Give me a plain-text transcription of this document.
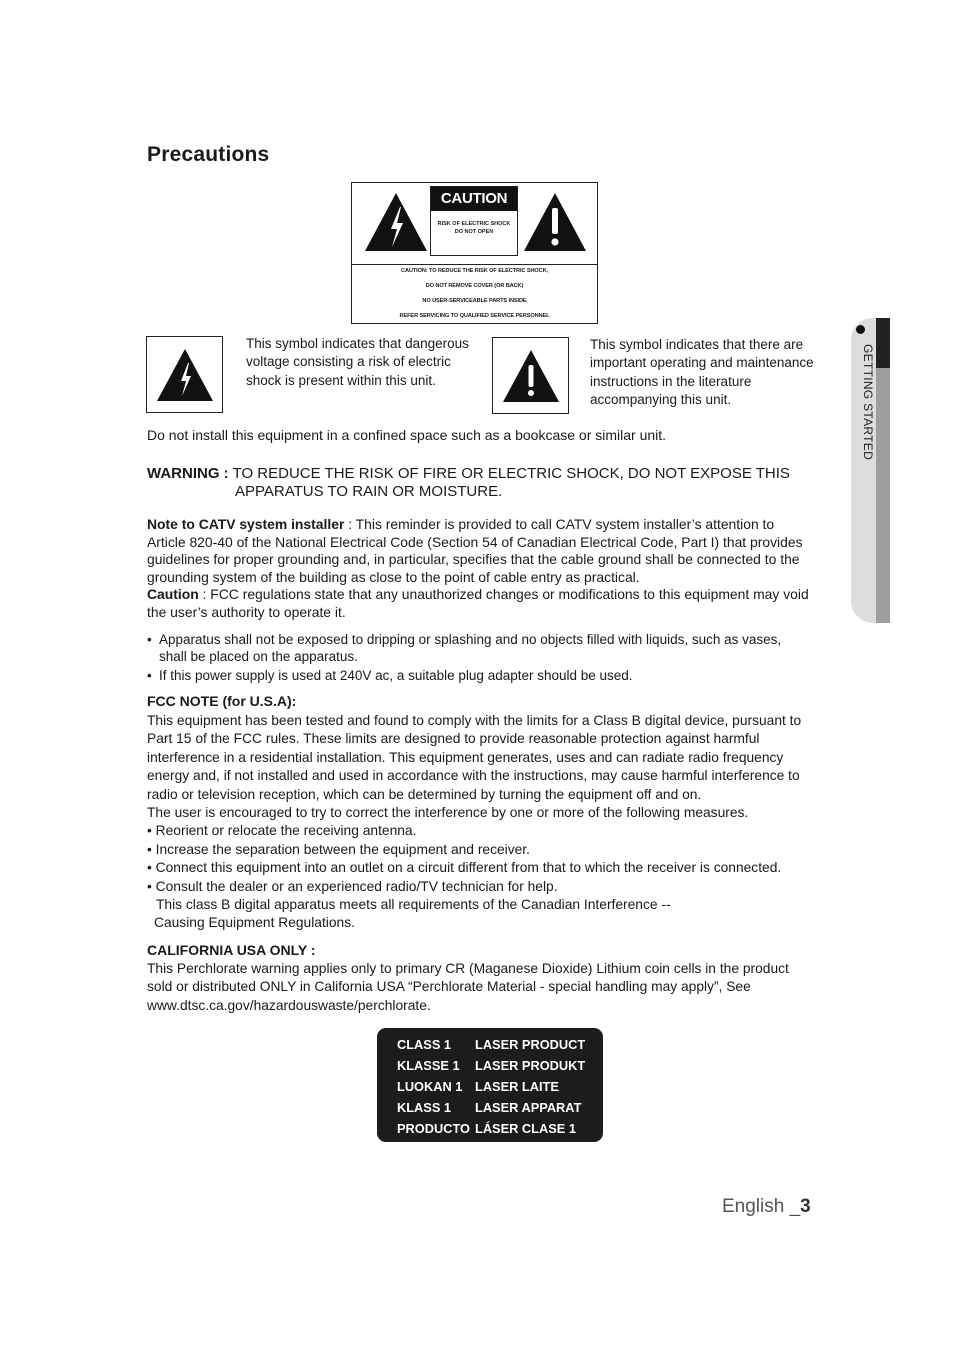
GETTING STARTED
Precautions
CAUTION
RISK OF ELECTRIC SHOCK
DO NOT OPEN
CAUTION: TO REDUCE THE RISK OF ELECTRIC SHOCK,
DO NOT REMOVE COVER (OR BACK)
NO USER-SERVICEABLE PARTS INSIDE
REFER SERVICING TO QUALIFIED SERVICE PERSONNEL
This symbol indicates that dangerous voltage consisting a risk of electric shock is present within this unit.
This symbol indicates that there are important operating and maintenance instructions in the literature accompanying this unit.
Do not install this equipment in a confined space such as a bookcase or similar unit.
WARNING : TO REDUCE THE RISK OF FIRE OR ELECTRIC SHOCK, DO NOT EXPOSE THIS
APPARATUS TO RAIN OR MOISTURE.
Note to CATV system installer : This reminder is provided to call CATV system installer’s attention to Article 820-40 of the National Electrical Code (Section 54 of Canadian Electrical Code, Part I) that provides guidelines for proper grounding and, in particular, specifies that the cable ground shall be connected to the grounding system of the building as close to the point of cable entry as practical.
Caution : FCC regulations state that any unauthorized changes or modifications to this equipment may void the user’s authority to operate it.
• Apparatus shall not be exposed to dripping or splashing and no objects filled with liquids, such as vases, shall be placed on the apparatus.
• If this power supply is used at 240V ac, a suitable plug adapter should be used.
FCC NOTE (for U.S.A):

This equipment has been tested and found to comply with the limits for a Class B digital device, pursuant to Part 15 of the FCC rules. These limits are designed to provide reasonable protection against harmful interference in a residential installation. This equipment generates, uses and can radiate radio frequency energy and, if not installed and used in accordance with the instructions, may cause harmful interference to radio or television reception, which can be determined by turning the equipment off and on.

The user is encouraged to try to correct the interference by one or more of the following measures.

• Reorient or relocate the receiving antenna.

• Increase the separation between the equipment and receiver.

• Connect this equipment into an outlet on a circuit different from that to which the receiver is connected.

• Consult the dealer or an experienced radio/TV technician for help.

This class B digital apparatus meets all requirements of the Canadian Interference --

Causing Equipment Regulations.

CALIFORNIA USA ONLY :
This Perchlorate warning applies only to primary CR (Maganese Dioxide) Lithium coin cells in the product sold or distributed ONLY in California USA “Perchlorate Material - special handling may apply”, See www.dtsc.ca.gov/hazardouswaste/perchlorate.
CLASS 1 LASER PRODUCT
KLASSE 1 LASER PRODUKT
LUOKAN 1 LASER LAITE
KLASS 1 LASER APPARAT
PRODUCTO LÁSER CLASE 1
English _3
